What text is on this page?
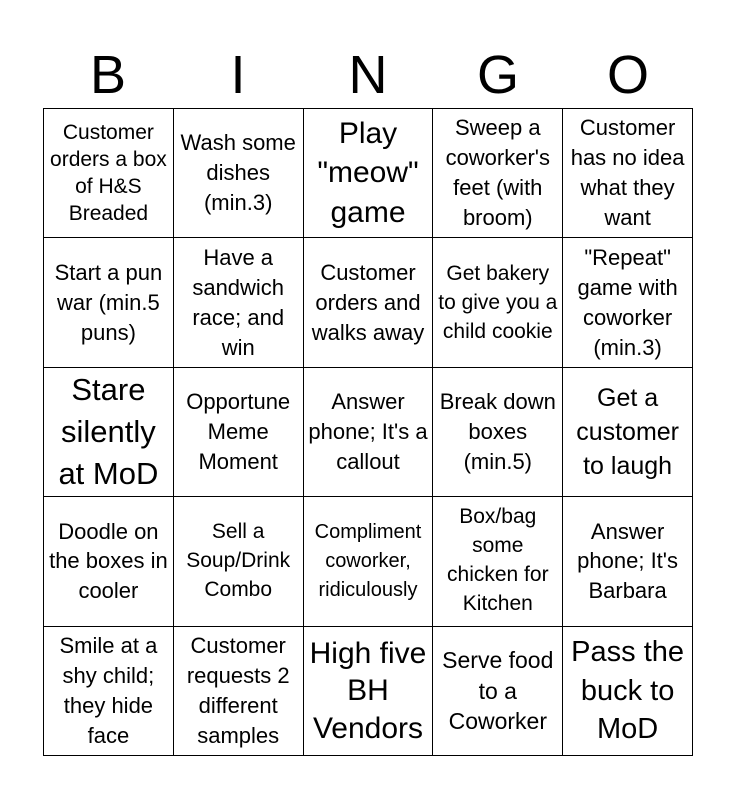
B	I	N	G	O
Customer orders a box of H&S Breaded
Wash some dishes (min.3)
Play "meow" game
Sweep a coworker's feet (with broom)
Customer has no idea what they want
Start a pun war (min.5 puns)
Have a sandwich race; and win
Customer orders and walks away
Get bakery to give you a child cookie
"Repeat" game with coworker (min.3)
Stare silently at MoD
Opportune Meme Moment
Answer phone; It's a callout
Break down boxes (min.5)
Get a customer to laugh
Doodle on the boxes in cooler
Sell a Soup/Drink Combo
Compliment coworker, ridiculously
Box/bag some chicken for Kitchen
Answer phone; It's Barbara
Smile at a shy child; they hide face
Customer requests 2 different samples
High five BH Vendors
Serve food to a Coworker
Pass the buck to MoD
